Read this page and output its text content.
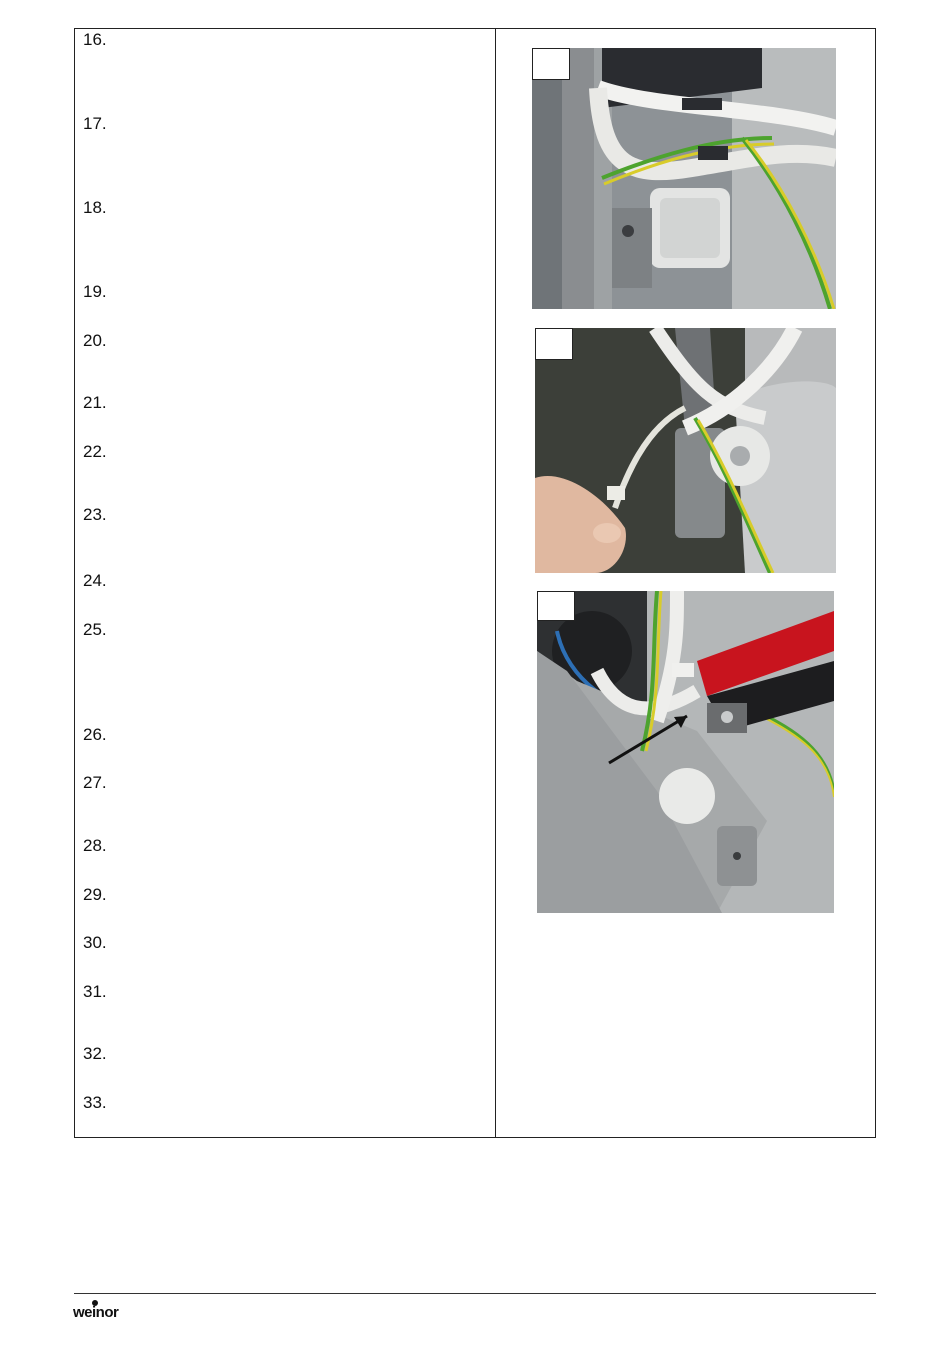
16.
17.
18.
19.
20.
21.
22.
23.
24.
25.
26.
27.
28.
29.
30.
31.
32.
33.
weinor
